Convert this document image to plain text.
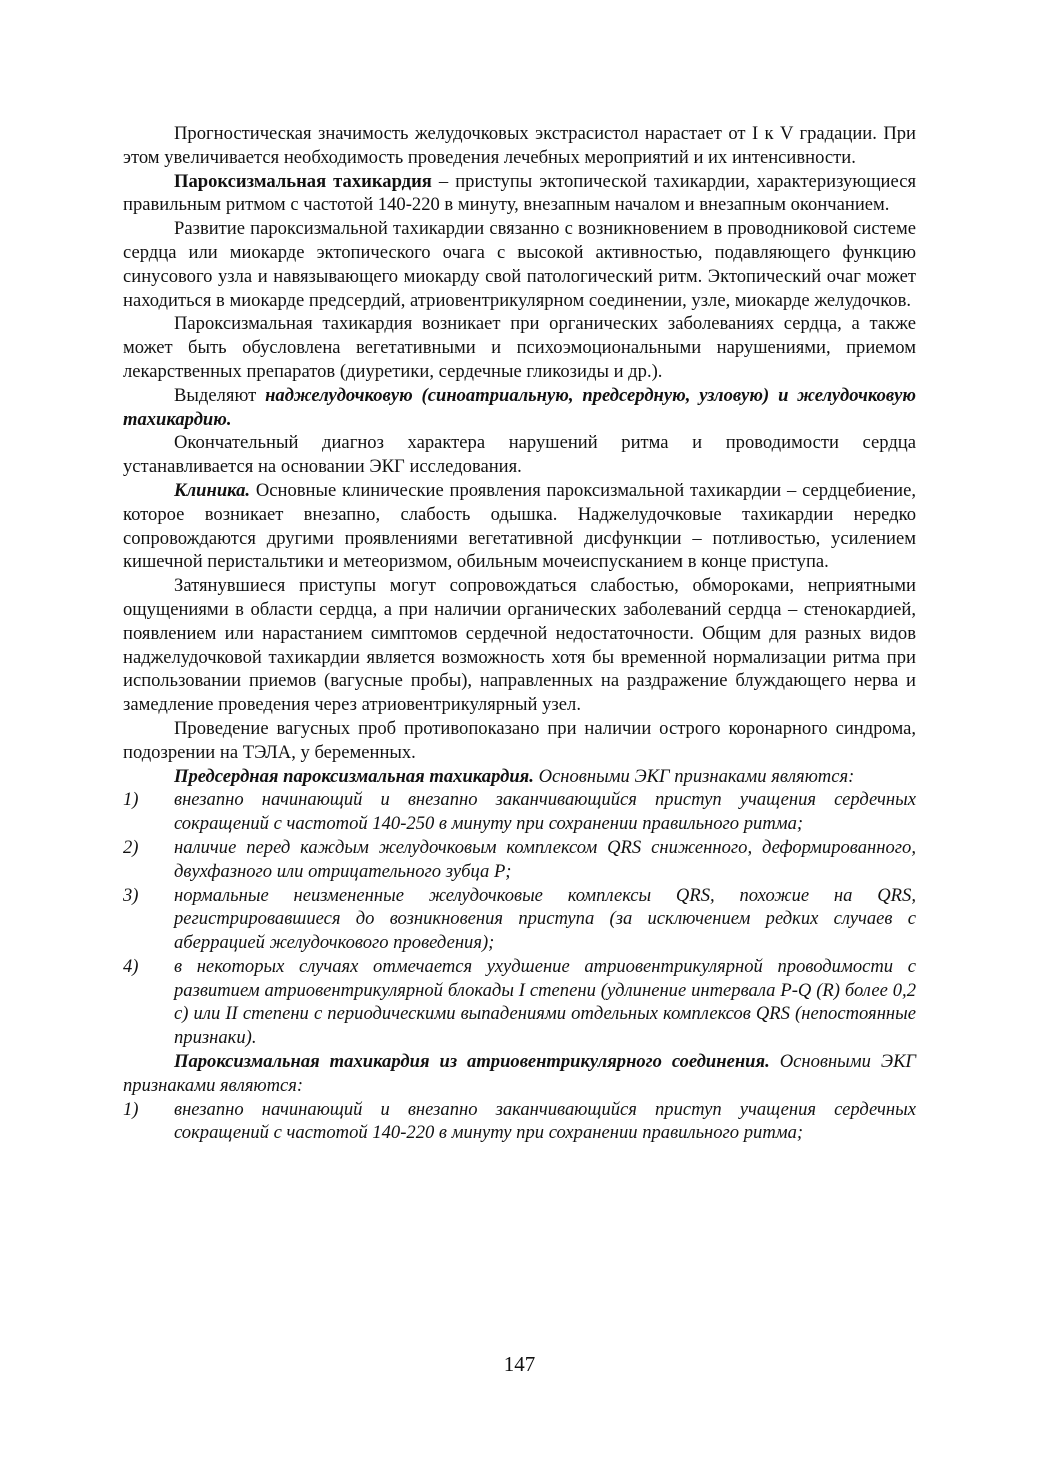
Прогностическая значимость желудочковых экстрасистол нарастает от I к V градации. При этом увеличивается необходимость проведения лечебных мероприятий и их интенсивности.

Пароксизмальная тахикардия – приступы эктопической тахикардии, характеризующиеся правильным ритмом с частотой 140-220 в минуту, внезапным началом и внезапным окончанием.

Развитие пароксизмальной тахикардии связанно с возникновением в проводниковой системе сердца или миокарде эктопического очага с высокой активностью, подавляющего функцию синусового узла и навязывающего миокарду свой патологический ритм. Эктопический очаг может находиться в миокарде предсердий, атриовентрикулярном соединении, узле, миокарде желудочков.

Пароксизмальная тахикардия возникает при органических заболеваниях сердца, а также может быть обусловлена вегетативными и психоэмоциональными нарушениями, приемом лекарственных препаратов (диуретики, сердечные гликозиды и др.).

Выделяют наджелудочковую (синоатриальную, предсердную, узловую) и желудочковую тахикардию.

Окончательный диагноз характера нарушений ритма и проводимости сердца устанавливается на основании ЭКГ исследования.

Клиника. Основные клинические проявления пароксизмальной тахикардии – сердцебиение, которое возникает внезапно, слабость одышка. Наджелудочковые тахикардии нередко сопровождаются другими проявлениями вегетативной дисфункции – потливостью, усилением кишечной перистальтики и метеоризмом, обильным мочеиспусканием в конце приступа.

Затянувшиеся приступы могут сопровождаться слабостью, обмороками, неприятными ощущениями в области сердца, а при наличии органических заболеваний сердца – стенокардией, появлением или нарастанием симптомов сердечной недостаточности. Общим для разных видов наджелудочковой тахикардии является возможность хотя бы временной нормализации ритма при использовании приемов (вагусные пробы), направленных на раздражение блуждающего нерва и замедление проведения через атриовентрикулярный узел.

Проведение вагусных проб противопоказано при наличии острого коронарного синдрома, подозрении на ТЭЛА, у беременных.

Предсердная пароксизмальная тахикардия. Основными ЭКГ признаками являются:

1)	внезапно начинающий и внезапно заканчивающийся приступ учащения сердечных сокращений с частотой 140-250 в минуту при сохранении правильного ритма;
2)	наличие перед каждым желудочковым комплексом QRS сниженного, деформированного, двухфазного или отрицательного зубца P;
3)	нормальные неизмененные желудочковые комплексы QRS, похожие на QRS, регистрировавшиеся до возникновения приступа (за исключением редких случаев с аберрацией желудочкового проведения);
4)	в некоторых случаях отмечается ухудшение атриовентрикулярной проводимости с развитием атриовентрикулярной блокады I степени (удлинение интервала P-Q (R) более 0,2 с) или II степени с периодическими выпадениями отдельных комплексов QRS (непостоянные признаки).

Пароксизмальная тахикардия из атриовентрикулярного соединения. Основными ЭКГ признаками являются:

1)	внезапно начинающий и внезапно заканчивающийся приступ учащения сердечных сокращений с частотой 140-220 в минуту при сохранении правильного ритма;
147
